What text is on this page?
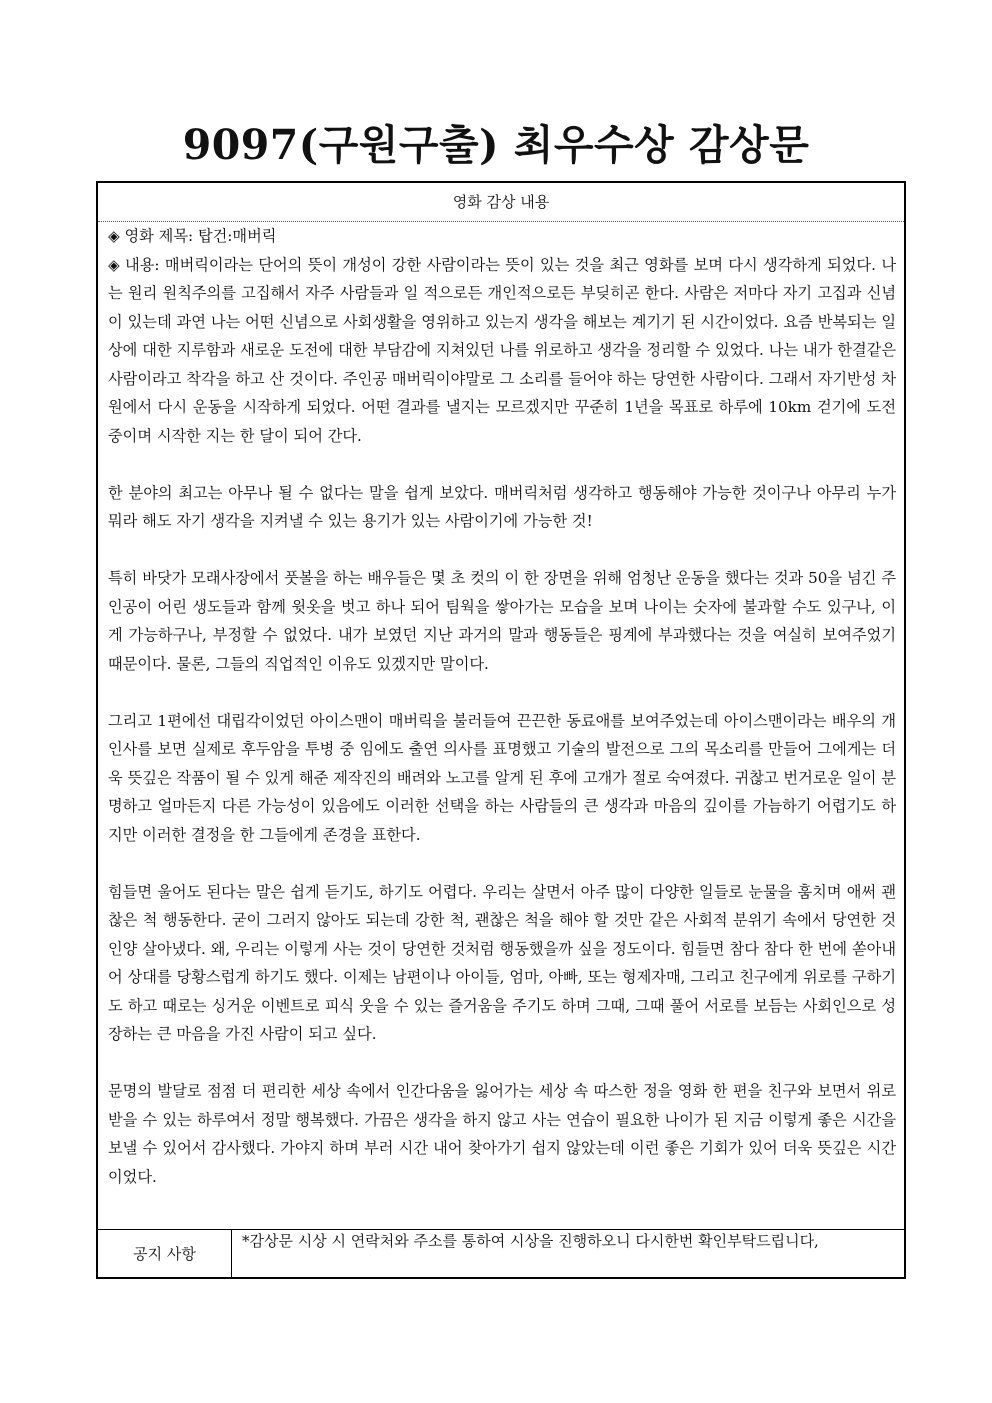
9097(구원구출) 최우수상 감상문
영화 감상 내용

◈ 영화 제목: 탑건:매버릭

◈ 내용: 매버릭이라는 단어의 뜻이 개성이 강한 사람이라는 뜻이 있는 것을 최근 영화를 보며 다시 생각하게 되었다. 나는 원리 원칙주의를 고집해서 자주 사람들과 일 적으로든 개인적으로든 부딪히곤 한다. 사람은 저마다 자기 고집과 신념이 있는데 과연 나는 어떤 신념으로 사회생활을 영위하고 있는지 생각을 해보는 계기기 된 시간이었다. 요즘 반복되는 일상에 대한 지루함과 새로운 도전에 대한 부담감에 지쳐있던 나를 위로하고 생각을 정리할 수 있었다. 나는 내가 한결같은 사람이라고 착각을 하고 산 것이다. 주인공 매버릭이야말로 그 소리를 들어야 하는 당연한 사람이다. 그래서 자기반성 차원에서 다시 운동을 시작하게 되었다. 어떤 결과를 낼지는 모르겠지만 꾸준히 1년을 목표로 하루에 10km 걷기에 도전중이며 시작한 지는 한 달이 되어 간다.

한 분야의 최고는 아무나 될 수 없다는 말을 쉽게 보았다. 매버릭처럼 생각하고 행동해야 가능한 것이구나 아무리 누가 뭐라 해도 자기 생각을 지켜낼 수 있는 용기가 있는 사람이기에 가능한 것!

특히 바닷가 모래사장에서 풋볼을 하는 배우들은 몇 초 컷의 이 한 장면을 위해 엄청난 운동을 했다는 것과 50을 넘긴 주인공이 어린 생도들과 함께 윗옷을 벗고 하나 되어 팀웍을 쌓아가는 모습을 보며 나이는 숫자에 불과할 수도 있구나, 이게 가능하구나, 부정할 수 없었다. 내가 보였던 지난 과거의 말과 행동들은 핑계에 부과했다는 것을 여실히 보여주었기 때문이다. 물론, 그들의 직업적인 이유도 있겠지만 말이다.

그리고 1편에선 대립각이었던 아이스맨이 매버릭을 불러들여 끈끈한 동료애를 보여주었는데 아이스맨이라는 배우의 개인사를 보면 실제로 후두암을 투병 중 임에도 출연 의사를 표명했고 기술의 발전으로 그의 목소리를 만들어 그에게는 더욱 뜻깊은 작품이 될 수 있게 해준 제작진의 배려와 노고를 알게 된 후에 고개가 절로 숙여졌다. 귀찮고 번거로운 일이 분명하고 얼마든지 다른 가능성이 있음에도 이러한 선택을 하는 사람들의 큰 생각과 마음의 깊이를 가늠하기 어렵기도 하지만 이러한 결정을 한 그들에게 존경을 표한다.

힘들면 울어도 된다는 말은 쉽게 듣기도, 하기도 어렵다. 우리는 살면서 아주 많이 다양한 일들로 눈물을 훔치며 애써 괜찮은 척 행동한다. 굳이 그러지 않아도 되는데 강한 척, 괜찮은 척을 해야 할 것만 같은 사회적 분위기 속에서 당연한 것인양 살아냈다. 왜, 우리는 이렇게 사는 것이 당연한 것처럼 행동했을까 싶을 정도이다. 힘들면 참다 참다 한 번에 쏟아내어 상대를 당황스럽게 하기도 했다. 이제는 남편이나 아이들, 엄마, 아빠, 또는 형제자매, 그리고 친구에게 위로를 구하기도 하고 때로는 싱거운 이벤트로 피식 웃을 수 있는 즐거움을 주기도 하며 그때, 그때 풀어 서로를 보듬는 사회인으로 성장하는 큰 마음을 가진 사람이 되고 싶다.

문명의 발달로 점점 더 편리한 세상 속에서 인간다움을 잃어가는 세상 속 따스한 정을 영화 한 편을 친구와 보면서 위로받을 수 있는 하루여서 정말 행복했다. 가끔은 생각을 하지 않고 사는 연습이 필요한 나이가 된 지금 이렇게 좋은 시간을 보낼 수 있어서 감사했다. 가야지 하며 부러 시간 내어 찾아가기 쉽지 않았는데 이런 좋은 기회가 있어 더욱 뜻깊은 시간이었다.

공지 사항
*감상문 시상 시 연락처와 주소를 통하여 시상을 진행하오니 다시한번 확인부탁드립니다,
